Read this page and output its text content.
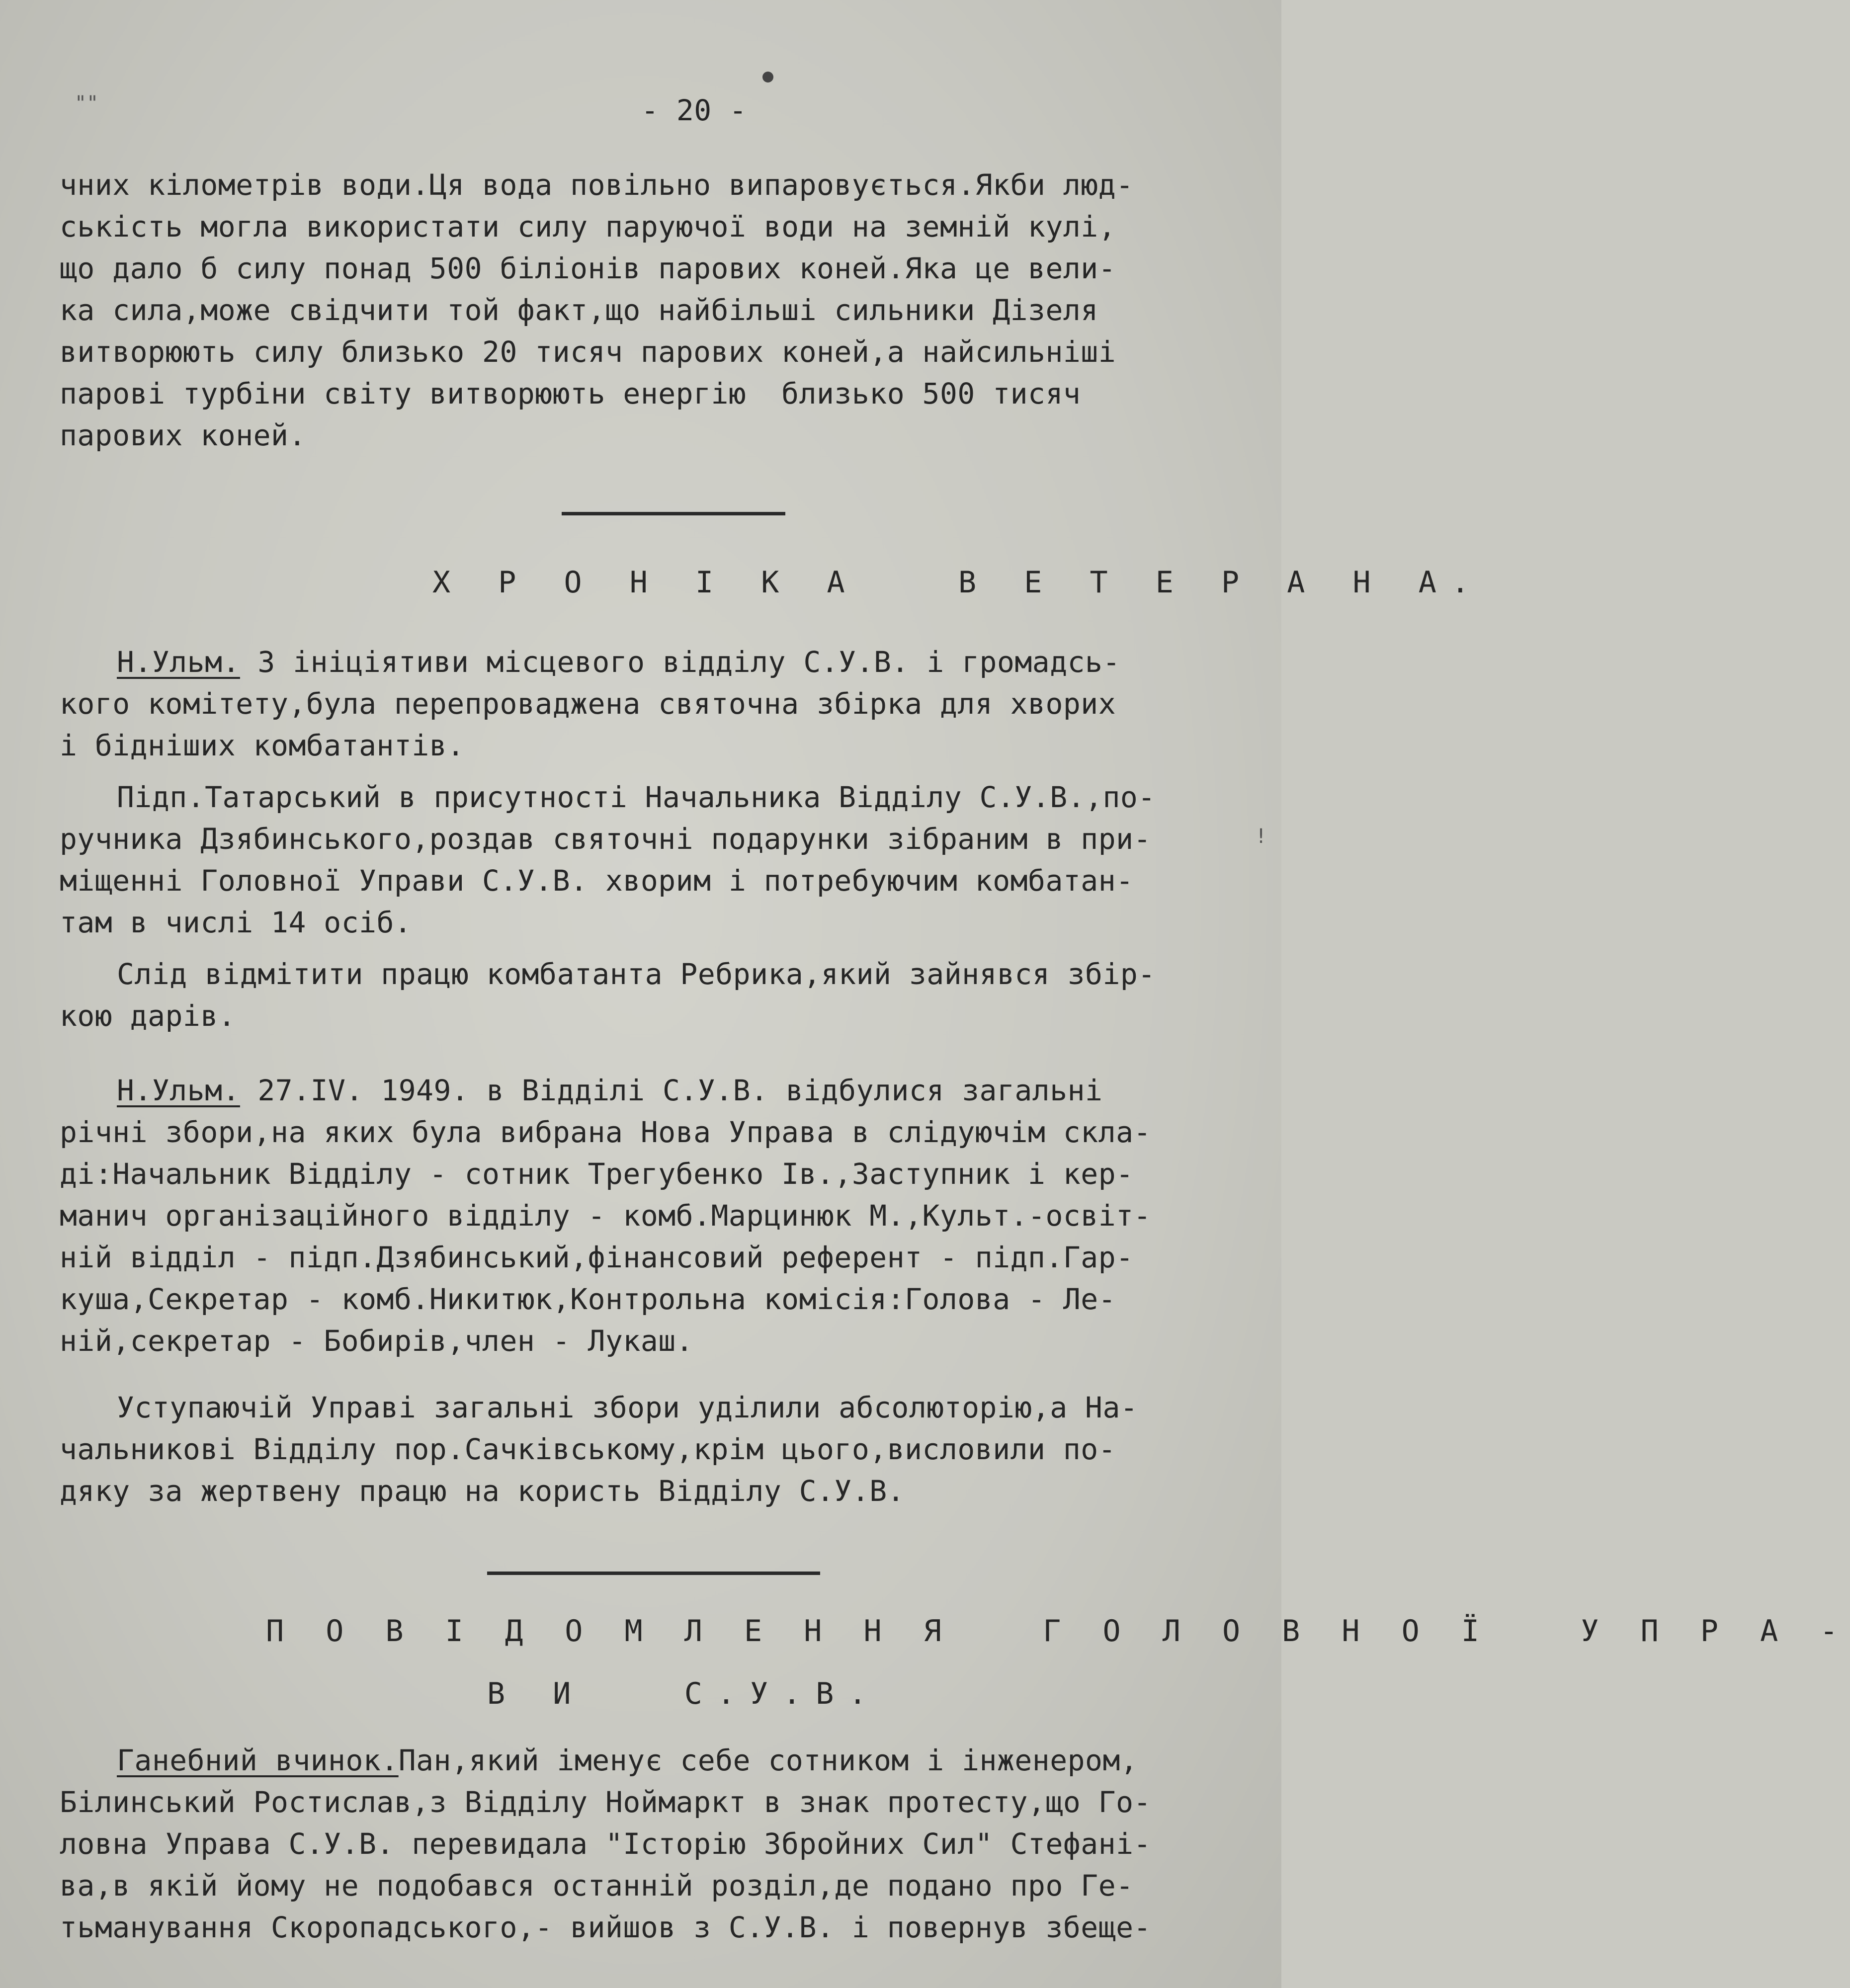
""	- 20 -
чних кілометрів води.Ця вода повільно випаровується.Якби люд-
ськість могла використати силу паруючої води на земній кулі,
що дало б силу понад 500 біліонів парових коней.Яка це вели-
ка сила,може свідчити той факт,що найбільші сильники Дізеля
витворюють силу близько 20 тисяч парових коней,а найсильніші
парові турбіни світу витворюють енергію  близько 500 тисяч
парових коней.
Х Р О Н І К А   В Е Т Е Р А Н А.
Н.Ульм. З ініціятиви місцевого відділу С.У.В. і громадсь-
кого комітету,була перепроваджена святочна збірка для хворих
і бідніших комбатантів.
Підп.Татарський в присутності Начальника Відділу С.У.В.,по-
ручника Дзябинського,роздав святочні подарунки зібраним в при-
міщенні Головної Управи С.У.В. хворим і потребуючим комбатан-
там в числі 14 осіб.
!
Слід відмітити працю комбатанта Ребрика,який зайнявся збір-
кою дарів.
Н.Ульм. 27.IV. 1949. в Відділі С.У.В. відбулися загальні
річні збори,на яких була вибрана Нова Управа в слідуючім скла-
ді:Начальник Відділу - сотник Трегубенко Ів.,Заступник і кер-
манич організаційного відділу - комб.Марцинюк М.,Культ.-освіт-
ній відділ - підп.Дзябинський,фінансовий референт - підп.Гар-
куша,Секретар - комб.Никитюк,Контрольна комісія:Голова - Ле-
ній,секретар - Бобирів,член - Лукаш.
Уступаючій Управі загальні збори уділили абсолюторію,а На-
чальникові Відділу пор.Сачківському,крім цього,висловили по-
дяку за жертвену працю на користь Відділу С.У.В.
П О В І Д О М Л Е Н Н Я   Г О Л О В Н О Ї   У П Р А -
В И   С.У.В.
Ганебний вчинок.Пан,який іменує себе сотником і інженером,
Білинський Ростислав,з Відділу Ноймаркт в знак протесту,що Го-
ловна Управа С.У.В. перевидала "Історію Збройних Сил" Стефані-
ва,в якій йому не подобався останній розділ,де подано про Ге-
тьманування Скоропадського,- вийшов з С.У.В. і повернув збеще-
